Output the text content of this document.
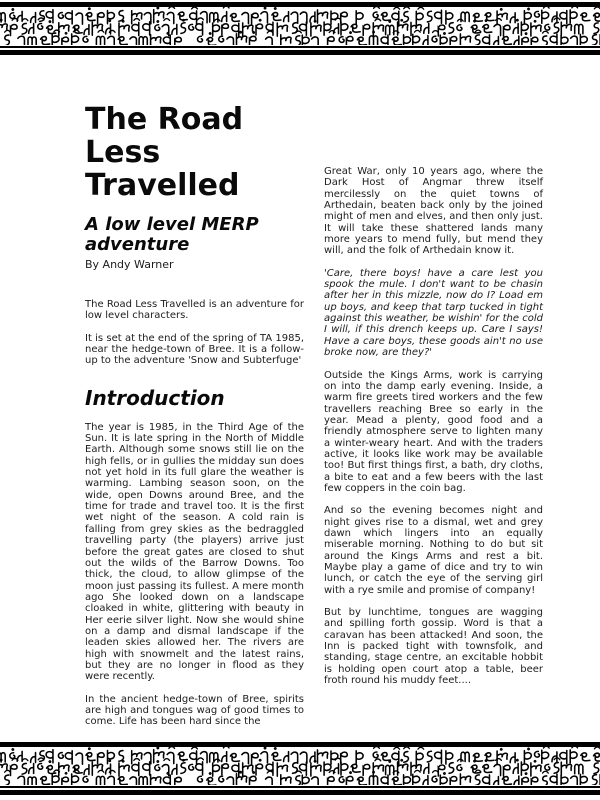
The Road Less Travelled
A low level MERP adventure
By Andy Warner

The Road Less Travelled is an adventure for low level characters.

It is set at the end of the spring of TA 1985, near the hedge-town of Bree. It is a follow-up to the adventure 'Snow and Subterfuge'

Introduction

The year is 1985, in the Third Age of the Sun. It is late spring in the North of Middle Earth. Although some snows still lie on the high fells, or in gullies the midday sun does not yet hold in its full glare the weather is warming. Lambing season soon, on the wide, open Downs around Bree, and the time for trade and travel too. It is the first wet night of the season. A cold rain is falling from grey skies as the bedraggled travelling party (the players) arrive just before the great gates are closed to shut out the wilds of the Barrow Downs. Too thick, the cloud, to allow glimpse of the moon just passing its fullest. A mere month ago She looked down on a landscape cloaked in white, glittering with beauty in Her eerie silver light. Now she would shine on a damp and dismal landscape if the leaden skies allowed her. The rivers are high with snowmelt and the latest rains, but they are no longer in flood as they were recently.

In the ancient hedge-town of Bree, spirits are high and tongues wag of good times to come. Life has been hard since the

Great War, only 10 years ago, where the Dark Host of Angmar threw itself mercilessly on the quiet towns of Arthedain, beaten back only by the joined might of men and elves, and then only just. It will take these shattered lands many more years to mend fully, but mend they will, and the folk of Arthedain know it.

'Care, there boys! have a care lest you spook the mule. I don't want to be chasin after her in this mizzle, now do I? Load em up boys, and keep that tarp tucked in tight against this weather, be wishin' for the cold I will, if this drench keeps up. Care I says! Have a care boys, these goods ain't no use broke now, are they?'

Outside the Kings Arms, work is carrying on into the damp early evening. Inside, a warm fire greets tired workers and the few travellers reaching Bree so early in the year. Mead a plenty, good food and a friendly atmosphere serve to lighten many a winter-weary heart. And with the traders active, it looks like work may be available too! But first things first, a bath, dry cloths, a bite to eat and a few beers with the last few coppers in the coin bag.

And so the evening becomes night and night gives rise to a dismal, wet and grey dawn which lingers into an equally miserable morning. Nothing to do but sit around the Kings Arms and rest a bit. Maybe play a game of dice and try to win lunch, or catch the eye of the serving girl with a rye smile and promise of company!

But by lunchtime, tongues are wagging and spilling forth gossip. Word is that a caravan has been attacked! And soon, the Inn is packed tight with townsfolk, and standing, stage centre, an excitable hobbit is holding open court atop a table, beer froth round his muddy feet....
